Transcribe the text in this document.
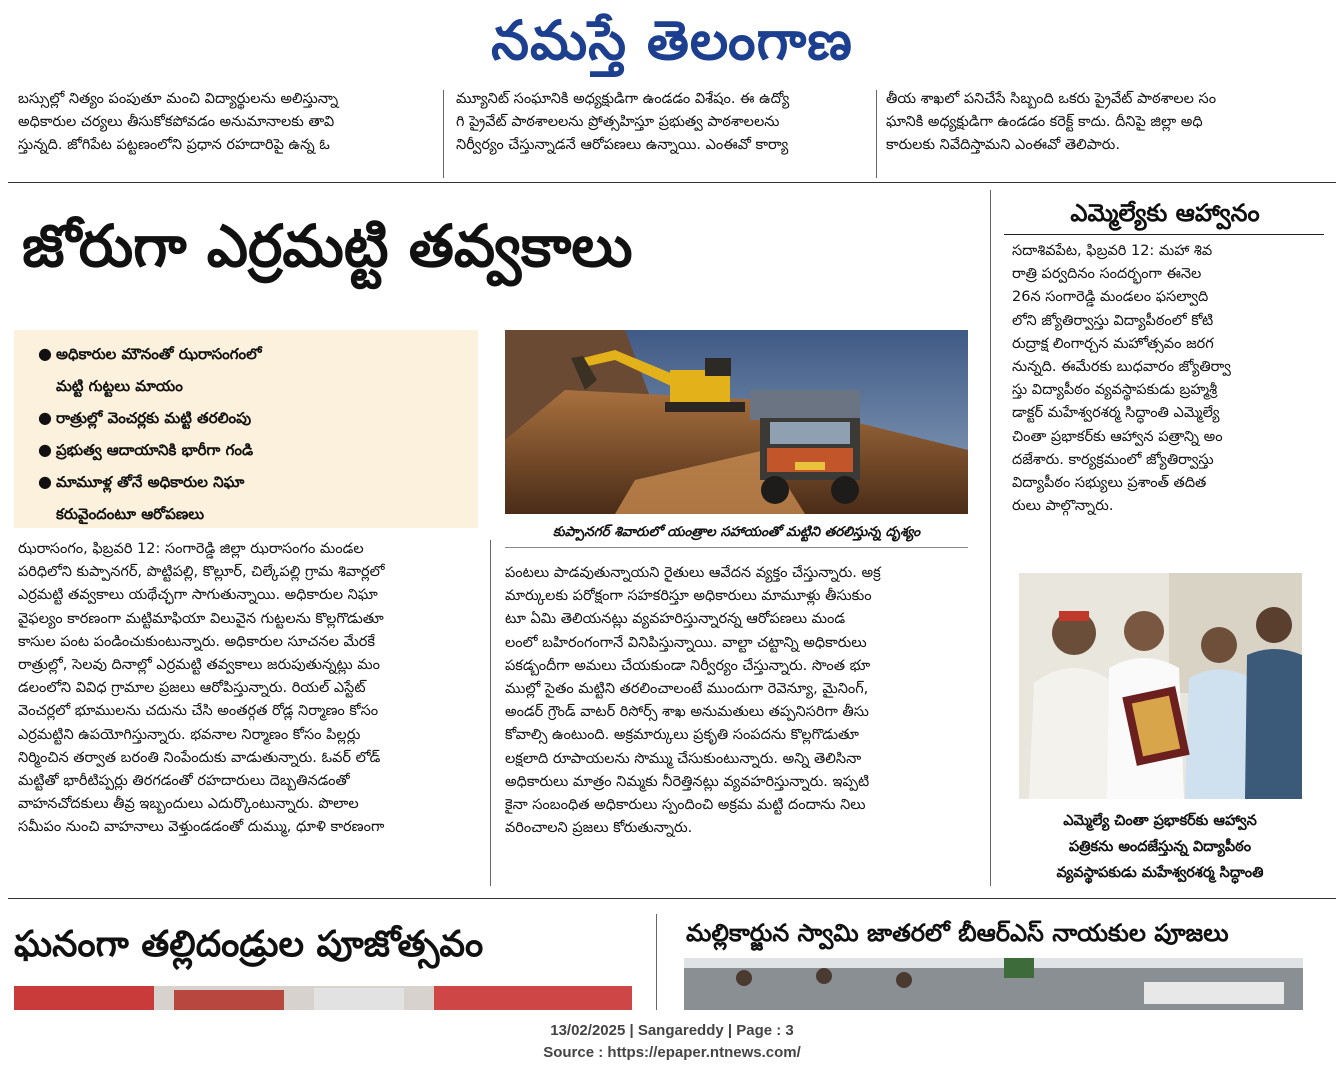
నమస్తే తెలంగాణ

బస్సుల్లో నిత్యం పంపుతూ మంచి విద్యార్థులను అలిస్తున్నా

అధికారుల చర్యలు తీసుకోకపోవడం అనుమానాలకు తావి

స్తున్నది. జోగిపేట పట్టణంలోని ప్రధాన రహదారిపై ఉన్న ఓ

మ్యూనిట్ సంఘానికి అధ్యక్షుడిగా ఉండడం విశేషం. ఈ ఉద్యో

గి ప్రైవేట్ పాఠశాలలను ప్రోత్సహిస్తూ ప్రభుత్వ పాఠశాలలను

నిర్వీర్యం చేస్తున్నాడనే ఆరోపణలు ఉన్నాయి. ఎంఈవో కార్యా

తీయ శాఖలో పనిచేసే సిబ్బంది ఒకరు ప్రైవేట్ పాఠశాలల సం

ఘానికి అధ్యక్షుడిగా ఉండడం కరెక్ట్ కాదు. దీనిపై జిల్లా అధి

కారులకు నివేదిస్తామని ఎంఈవో తెలిపారు.

జోరుగా ఎర్రమట్టి తవ్వకాలు
● అధికారుల మౌనంతో ఝరాసంగంలో
మట్టి గుట్టలు మాయం
● రాత్రుల్లో వెంచర్లకు మట్టి తరలింపు
● ప్రభుత్వ ఆదాయానికి భారీగా గండి
● మామూళ్ల తోనే అధికారుల నిఘా
కరువైందంటూ ఆరోపణలు
కుప్పానగర్ శివారులో యంత్రాల సహాయంతో మట్టిని తరలిస్తున్న దృశ్యం

ఝరాసంగం, ఫిబ్రవరి 12: సంగారెడ్డి జిల్లా ఝరాసంగం మండల

పరిధిలోని కుప్పానగర్, పొట్టిపల్లి, కొల్లూర్, చిల్కేపల్లి గ్రామ శివార్లలో

ఎర్రమట్టి తవ్వకాలు యథేచ్ఛగా సాగుతున్నాయి. అధికారుల నిఘా

వైఫల్యం కారణంగా మట్టిమాఫియా విలువైన గుట్టలను కొల్లగొడుతూ

కాసుల పంట పండించుకుంటున్నారు. అధికారుల సూచనల మేరకే

రాత్రుల్లో, సెలవు దినాల్లో ఎర్రమట్టి తవ్వకాలు జరుపుతున్నట్లు మం

డలంలోని వివిధ గ్రామాల ప్రజలు ఆరోపిస్తున్నారు. రియల్ ఎస్టేట్

వెంచర్లలో భూములను చదును చేసి అంతర్గత రోడ్ల నిర్మాణం కోసం

ఎర్రమట్టిని ఉపయోగిస్తున్నారు. భవనాల నిర్మాణం కోసం పిల్లర్లు

నిర్మించిన తర్వాత బరంతి నింపేందుకు వాడుతున్నారు. ఓవర్ లోడ్

మట్టితో భారీటిప్పర్లు తిరగడంతో రహదారులు దెబ్బతినడంతో

వాహనచోదకులు తీవ్ర ఇబ్బందులు ఎదుర్కొంటున్నారు. పొలాల

సమీపం నుంచి వాహనాలు వెళ్తుండడంతో దుమ్ము, ధూళి కారణంగా

పంటలు పాడవుతున్నాయని రైతులు ఆవేదన వ్యక్తం చేస్తున్నారు. అక్ర

మార్కులకు పరోక్షంగా సహకరిస్తూ అధికారులు మామూళ్లు తీసుకుం

టూ ఏమి తెలియనట్లు వ్యవహరిస్తున్నారన్న ఆరోపణలు మండ

లంలో బహిరంగంగానే వినిపిస్తున్నాయి. వాల్టా చట్టాన్ని అధికారులు

పకడ్బందీగా అమలు చేయకుండా నిర్వీర్యం చేస్తున్నారు. సొంత భూ

ముల్లో సైతం మట్టిని తరలించాలంటే ముందుగా రెవెన్యూ, మైనింగ్,

అండర్ గ్రౌండ్ వాటర్ రిసోర్స్ శాఖ అనుమతులు తప్పనిసరిగా తీసు

కోవాల్సి ఉంటుంది. అక్రమార్కులు ప్రకృతి సంపదను కొల్లగొడుతూ

లక్షలాది రూపాయలను సొమ్ము చేసుకుంటున్నారు. అన్ని తెలిసినా

అధికారులు మాత్రం నిమ్మకు నీరెత్తినట్లు వ్యవహరిస్తున్నారు. ఇప్పటి

కైనా సంబంధిత అధికారులు స్పందించి అక్రమ మట్టి దందాను నిలు

వరించాలని ప్రజలు కోరుతున్నారు.

ఎమ్మెల్యేకు ఆహ్వానం

సదాశివపేట, ఫిబ్రవరి 12: మహా శివ

రాత్రి పర్వదినం సందర్భంగా ఈనెల

26న సంగారెడ్డి మండలం ఫసల్వాది

లోని జ్యోతిర్వాస్తు విద్యాపీఠంలో కోటి

రుద్రాక్ష లింగార్చన మహోత్సవం జరగ

నున్నది. ఈమేరకు బుధవారం జ్యోతిర్వా

స్తు విద్యాపీఠం వ్యవస్థాపకుడు బ్రహ్మశ్రీ

డాక్టర్ మహేశ్వరశర్మ సిద్ధాంతి ఎమ్మెల్యే

చింతా ప్రభాకర్‌కు ఆహ్వాన పత్రాన్ని అం

దజేశారు. కార్యక్రమంలో జ్యోతిర్వాస్తు

విద్యాపీఠం సభ్యులు ప్రశాంత్ తదిత

రులు పాల్గొన్నారు.

ఎమ్మెల్యే చింతా ప్రభాకర్‌కు ఆహ్వాన
పత్రికను అందజేస్తున్న విద్యాపీఠం
వ్యవస్థాపకుడు మహేశ్వరశర్మ సిద్ధాంతి
ఘనంగా తల్లిదండ్రుల పూజోత్సవం	మల్లికార్జున స్వామి జాతరలో బీఆర్ఎస్ నాయకుల పూజలు
13/02/2025 | Sangareddy | Page : 3
Source : https://epaper.ntnews.com/
